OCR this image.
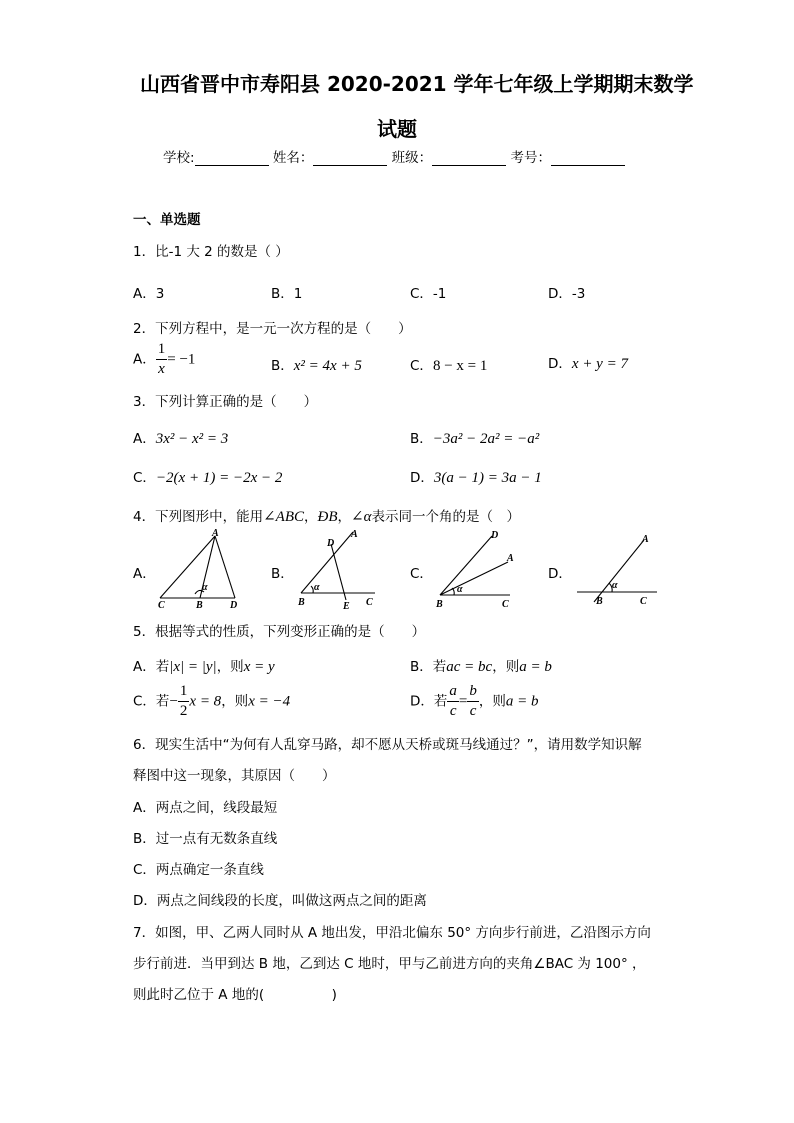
山西省晋中市寿阳县 2020-2021 学年七年级上学期期末数学
试题
学校:	姓名：	班级：	考号：
一、单选题
1．比-1 大 2 的数是（ ）
A．3	B．1	C．-1	D．-3
2．下列方程中，是一元一次方程的是（　　）
A． $\frac{1}{x} = -1$	B．x² = 4x + 5	C．8 − x = 1	D．x + y = 7
3．下列计算正确的是（　　）
A．3x² − x² = 3	B．−3a² − 2a² = −a²
C．−2(x + 1) = −2x − 2	D．3(a − 1) = 3a − 1
4．下列图形中，能用∠ABC，ÐB，∠α表示同一个角的是（　）
A．	B．	C．	D．
A
α
C	B	D
D
A
α
B	E C
D
A
α
B	C
A
α
B	C
5．根据等式的性质，下列变形正确的是（　　）
A．若|x| = |y|，则x = y	B．若ac = bc，则a = b
C．若− $\frac{1}{2}$ x = 8，则x = −4	D．若 $\frac{a}{c} = \frac{b}{c}$ ，则a = b
6．现实生活中“为何有人乱穿马路，却不愿从天桥或斑马线通过？”，请用数学知识解
释图中这一现象，其原因（　　）
A．两点之间，线段最短
B．过一点有无数条直线
C．两点确定一条直线
D．两点之间线段的长度，叫做这两点之间的距离
7．如图，甲、乙两人同时从 A 地出发，甲沿北偏东 50° 方向步行前进，乙沿图示方向
步行前进．当甲到达 B 地，乙到达 C 地时，甲与乙前进方向的夹角∠BAC 为 100° ，
则此时乙位于 A 地的(　　　　　)
